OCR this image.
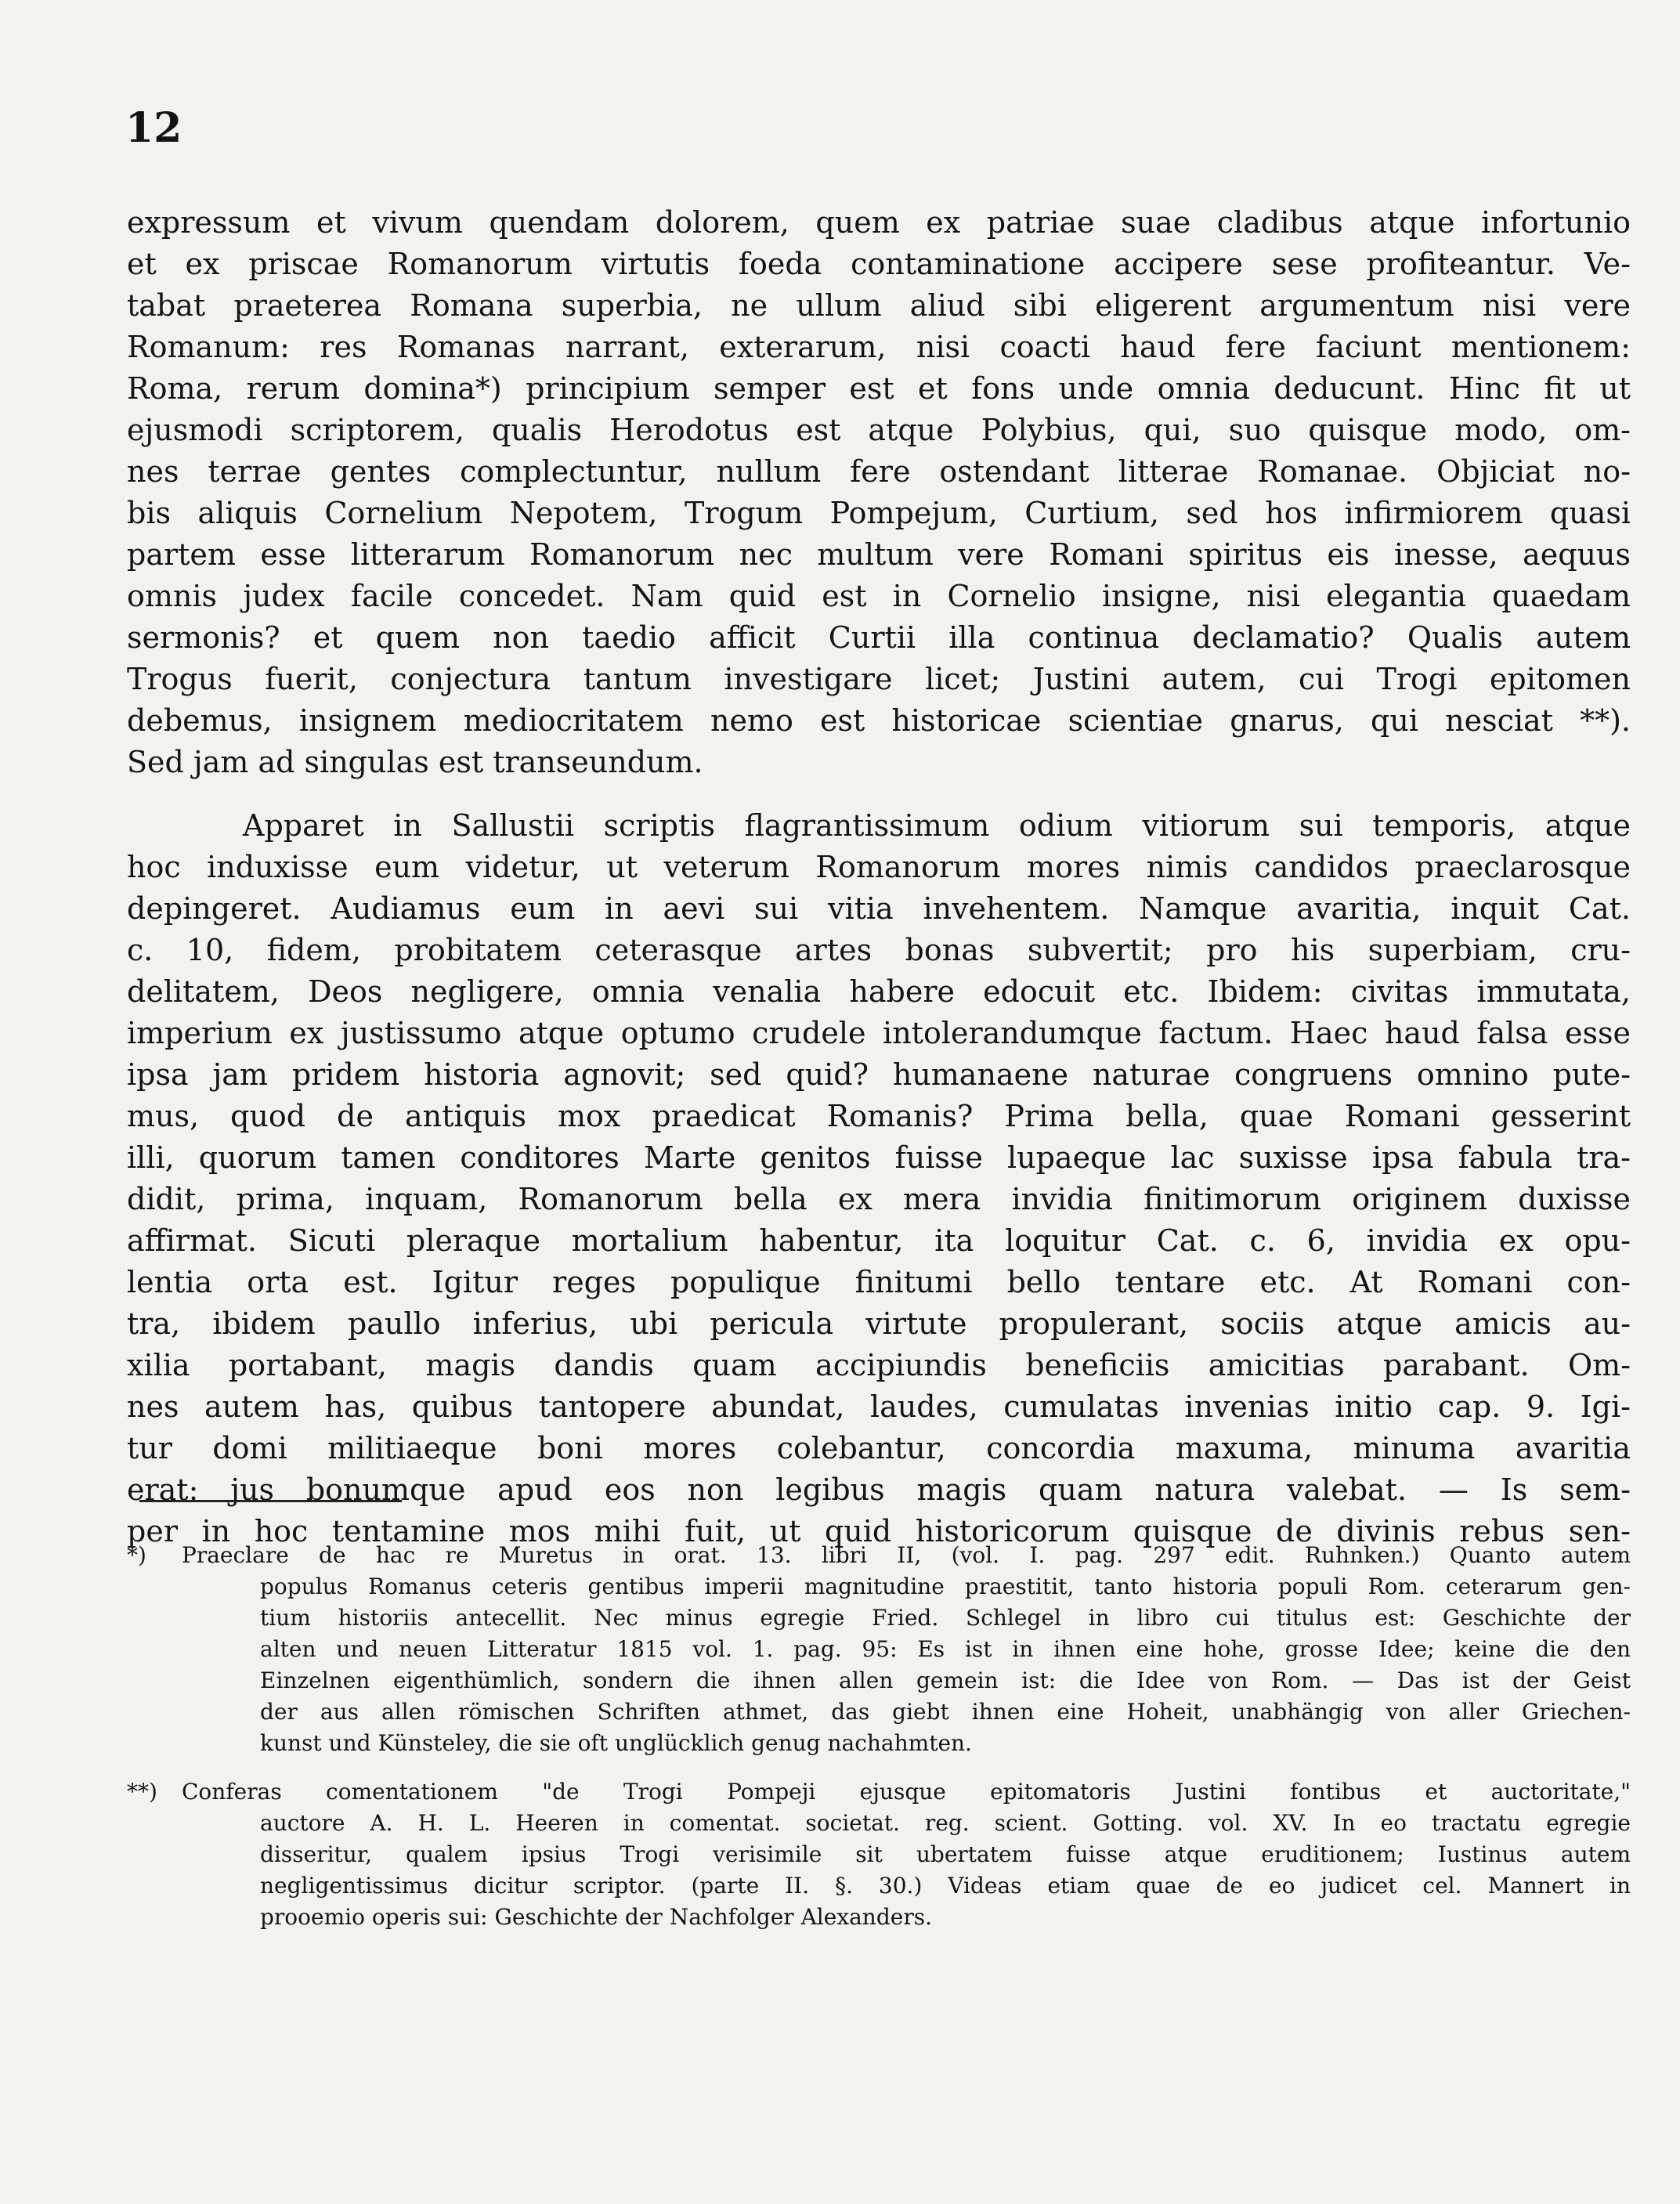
12
expressum et vivum quendam dolorem, quem ex patriae suae cladibus atque infortunio
et ex priscae Romanorum virtutis foeda contaminatione accipere sese profiteantur. Ve-
tabat praeterea Romana superbia, ne ullum aliud sibi eligerent argumentum nisi vere
Romanum: res Romanas narrant, exterarum, nisi coacti haud fere faciunt mentionem:
Roma, rerum domina*) principium semper est et fons unde omnia deducunt. Hinc fit ut
ejusmodi scriptorem, qualis Herodotus est atque Polybius, qui, suo quisque modo, om-
nes terrae gentes complectuntur, nullum fere ostendant litterae Romanae. Objiciat no-
bis aliquis Cornelium Nepotem, Trogum Pompejum, Curtium, sed hos infirmiorem quasi
partem esse litterarum Romanorum nec multum vere Romani spiritus eis inesse, aequus
omnis judex facile concedet. Nam quid est in Cornelio insigne, nisi elegantia quaedam
sermonis? et quem non taedio afficit Curtii illa continua declamatio? Qualis autem
Trogus fuerit, conjectura tantum investigare licet; Justini autem, cui Trogi epitomen
debemus, insignem mediocritatem nemo est historicae scientiae gnarus, qui nesciat **).
Sed jam ad singulas est transeundum.
Apparet in Sallustii scriptis flagrantissimum odium vitiorum sui temporis, atque
hoc induxisse eum videtur, ut veterum Romanorum mores nimis candidos praeclarosque
depingeret. Audiamus eum in aevi sui vitia invehentem. Namque avaritia, inquit Cat.
c. 10, fidem, probitatem ceterasque artes bonas subvertit; pro his superbiam, cru-
delitatem, Deos negligere, omnia venalia habere edocuit etc. Ibidem: civitas immutata,
imperium ex justissumo atque optumo crudele intolerandumque factum. Haec haud falsa esse
ipsa jam pridem historia agnovit; sed quid? humanaene naturae congruens omnino pute-
mus, quod de antiquis mox praedicat Romanis? Prima bella, quae Romani gesserint
illi, quorum tamen conditores Marte genitos fuisse lupaeque lac suxisse ipsa fabula tra-
didit, prima, inquam, Romanorum bella ex mera invidia finitimorum originem duxisse
affirmat. Sicuti pleraque mortalium habentur, ita loquitur Cat. c. 6, invidia ex opu-
lentia orta est. Igitur reges populique finitumi bello tentare etc. At Romani con-
tra, ibidem paullo inferius, ubi pericula virtute propulerant, sociis atque amicis au-
xilia portabant, magis dandis quam accipiundis beneficiis amicitias parabant. Om-
nes autem has, quibus tantopere abundat, laudes, cumulatas invenias initio cap. 9. Igi-
tur domi militiaeque boni mores colebantur, concordia maxuma, minuma avaritia
erat: jus bonumque apud eos non legibus magis quam natura valebat. — Is sem-
per in hoc tentamine mos mihi fuit, ut quid historicorum quisque de divinis rebus sen-
*) Praeclare de hac re Muretus in orat. 13. libri II, (vol. I. pag. 297 edit. Ruhnken.) Quanto autem
populus Romanus ceteris gentibus imperii magnitudine praestitit, tanto historia populi Rom. ceterarum gen-
tium historiis antecellit. Nec minus egregie Fried. Schlegel in libro cui titulus est: Geschichte der
alten und neuen Litteratur 1815 vol. 1. pag. 95: Es ist in ihnen eine hohe, grosse Idee; keine die den
Einzelnen eigenthümlich, sondern die ihnen allen gemein ist: die Idee von Rom. — Das ist der Geist
der aus allen römischen Schriften athmet, das giebt ihnen eine Hoheit, unabhängig von aller Griechen-
kunst und Künsteley, die sie oft unglücklich genug nachahmten.
**) Conferas comentationem "de Trogi Pompeji ejusque epitomatoris Justini fontibus et auctoritate,"
auctore A. H. L. Heeren in comentat. societat. reg. scient. Gotting. vol. XV. In eo tractatu egregie
disseritur, qualem ipsius Trogi verisimile sit ubertatem fuisse atque eruditionem; Iustinus autem
negligentissimus dicitur scriptor. (parte II. §. 30.) Videas etiam quae de eo judicet cel. Mannert in
prooemio operis sui: Geschichte der Nachfolger Alexanders.
